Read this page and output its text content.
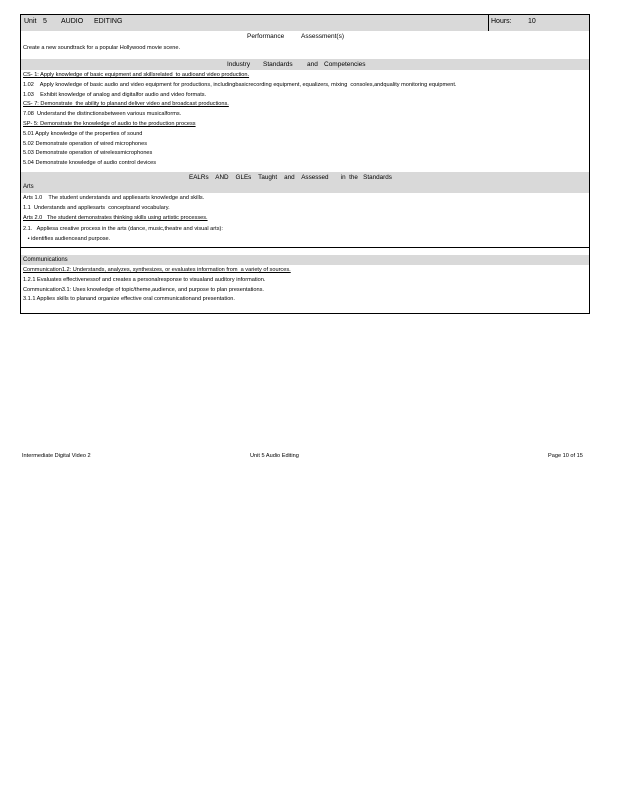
Unit 5 AUDIO EDITING	Hours: 10
Performance	Assessment(s)
Create a new soundtrack for a popular Hollywood movie scene.
Industry Standards and Competencies
CS- 1: Apply knowledge of basic equipment and skillsrelated  to audioand video production.
1.02    Apply knowledge of basic audio and video equipment for productions, includingbasicrecording equipment, equalizers, mixing  consoles,andquality monitoring equipment.
1.03    Exhibit knowledge of analog and digitalfor audio and video formats.
CS- 7: Demonstrate  the ability to planand deliver video and broadcast productions.
7.08  Understand the distinctionsbetween various musicalforms.
SP- 5: Demonstrate the knowledge of audio to the production process
5.01 Apply knowledge of the properties of sound
5.02 Demonstrate operation of wired microphones
5.03 Demonstrate operation of wirelessmicrophones
5.04 Demonstrate knowledge of audio control devices
EALRs    AND    GLEs    Taught    and    Assessed       in  the   Standards
Arts
Arts 1.0    The student understands and appliesarts knowledge and skills.
1.1  Understands and appliesarts  conceptsand vocabulary.
Arts 2.0   The student demonstrates thinking skills using artistic processes.
2.1.   Appliesa creative process in the arts (dance, music,theatre and visual arts):
• identifies audienceand purpose.
Communications
Communication1.2: Understands, analyzes, synthesizes, or evaluates information from  a variety of sources.
1.2.1 Evaluates effectivenessof and creates a personalresponse to visualand auditory information.
Communication3.1: Uses knowledge of topic/theme,audience, and purpose to plan presentations.
3.1.1 Applies skills to planand organize effective oral communicationand presentation.
Intermediate Digital Video 2	Unit 5 Audio Editing	Page 10 of 15
